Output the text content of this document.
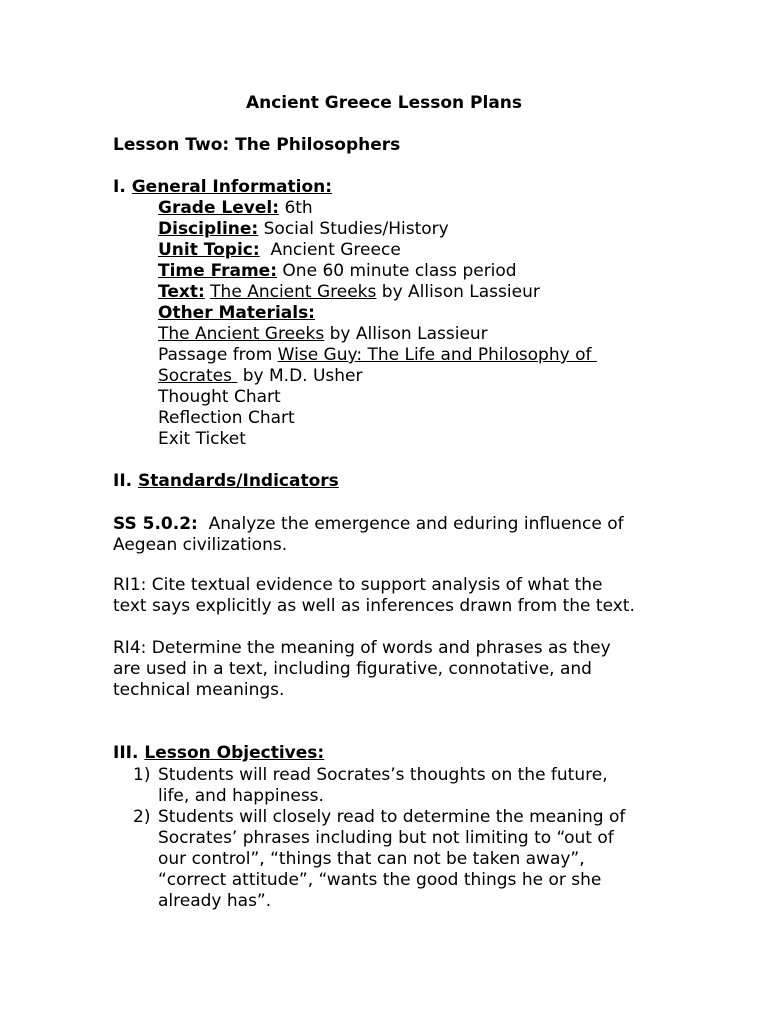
Ancient Greece Lesson Plans
Lesson Two: The Philosophers
I. General Information:
Grade Level: 6th
Discipline: Social Studies/History
Unit Topic: Ancient Greece
Time Frame: One 60 minute class period
Text: The Ancient Greeks by Allison Lassieur
Other Materials:
The Ancient Greeks by Allison Lassieur
Passage from Wise Guy: The Life and Philosophy of
Socrates by M.D. Usher
Thought Chart
Reflection Chart
Exit Ticket
II. Standards/Indicators
SS 5.0.2: Analyze the emergence and eduring influence of
Aegean civilizations.
RI1: Cite textual evidence to support analysis of what the
text says explicitly as well as inferences drawn from the text.
RI4: Determine the meaning of words and phrases as they
are used in a text, including figurative, connotative, and
technical meanings.
III. Lesson Objectives:
1) Students will read Socrates’s thoughts on the future,
life, and happiness.
2) Students will closely read to determine the meaning of
Socrates’ phrases including but not limiting to “out of
our control”, “things that can not be taken away”,
“correct attitude”, “wants the good things he or she
already has”.
